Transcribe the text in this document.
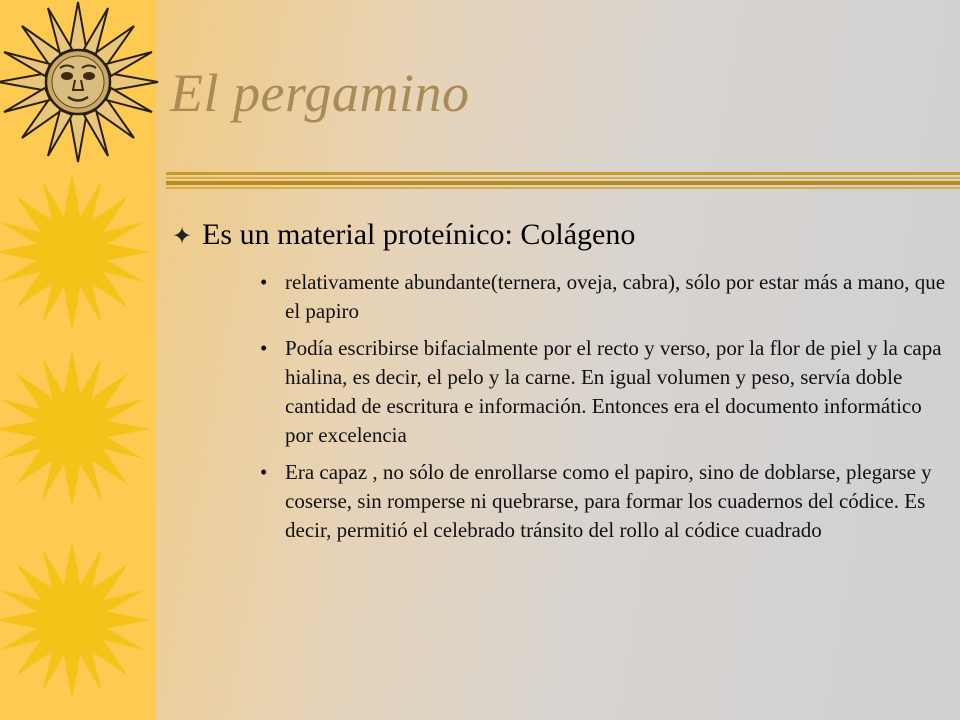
El pergamino
✦ Es un material proteínico: Colágeno
• relativamente abundante(ternera, oveja, cabra), sólo por estar más a mano, que el papiro
• Podía escribirse bifacialmente por el recto y verso, por la flor de piel y la capa hialina, es decir, el pelo y la carne. En igual volumen y peso, servía doble cantidad de escritura e información. Entonces era el documento informático por excelencia
• Era capaz , no sólo de enrollarse como el papiro, sino de doblarse, plegarse y coserse, sin romperse ni quebrarse, para formar los cuadernos del códice. Es decir, permitió el celebrado tránsito del rollo al códice cuadrado
